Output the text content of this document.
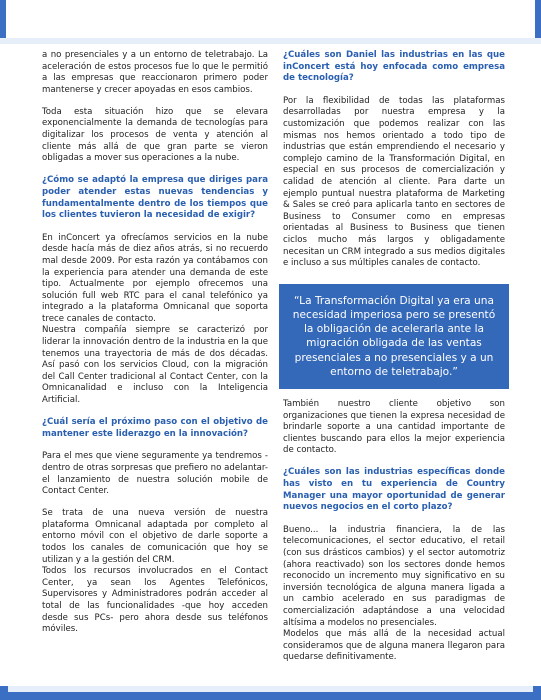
a no presenciales y a un entorno de teletrabajo. La aceleración de estos procesos fue lo que le permitió a las empresas que reaccionaron primero poder mantenerse y crecer apoyadas en esos cambios.

Toda esta situación hizo que se elevara exponencialmente la demanda de tecnologías para digitalizar los procesos de venta y atención al cliente más allá de que gran parte se vieron obligadas a mover sus operaciones a la nube.

¿Cómo se adaptó la empresa que diriges para poder atender estas nuevas tendencias y fundamentalmente dentro de los tiempos que los clientes tuvieron la necesidad de exigir?

En inConcert ya ofrecíamos servicios en la nube desde hacía más de diez años atrás, si no recuerdo mal desde 2009. Por esta razón ya contábamos con la experiencia para atender una demanda de este tipo. Actualmente por ejemplo ofrecemos una solución full web RTC para el canal telefónico ya integrado a la plataforma Omnicanal que soporta trece canales de contacto.

Nuestra compañía siempre se caracterizó por liderar la innovación dentro de la industria en la que tenemos una trayectoria de más de dos décadas. Así pasó con los servicios Cloud, con la migración del Call Center tradicional al Contact Center, con la Omnicanalidad e incluso con la Inteligencia Artificial.

¿Cuál sería el próximo paso con el objetivo de mantener este liderazgo en la innovación?

Para el mes que viene seguramente ya tendremos -dentro de otras sorpresas que prefiero no adelantar- el lanzamiento de nuestra solución mobile de Contact Center.

Se trata de una nueva versión de nuestra plataforma Omnicanal adaptada por completo al entorno móvil con el objetivo de darle soporte a todos los canales de comunicación que hoy se utilizan y a la gestión del CRM.

Todos los recursos involucrados en el Contact Center, ya sean los Agentes Telefónicos, Supervisores y Administradores podrán acceder al total de las funcionalidades -que hoy acceden desde sus PCs- pero ahora desde sus teléfonos móviles.

¿Cuáles son Daniel las industrias en las que inConcert está hoy enfocada como empresa de tecnología?

Por la flexibilidad de todas las plataformas desarrolladas por nuestra empresa y la customización que podemos realizar con las mismas nos hemos orientado a todo tipo de industrias que están emprendiendo el necesario y complejo camino de la Transformación Digital, en especial en sus procesos de comercialización y calidad de atención al cliente. Para darte un ejemplo puntual nuestra plataforma de Marketing & Sales se creó para aplicarla tanto en sectores de Business to Consumer como en empresas orientadas al Business to Business que tienen ciclos mucho más largos y obligadamente necesitan un CRM integrado a sus medios digitales e incluso a sus múltiples canales de contacto.

“La Transformación Digital ya era una necesidad imperiosa pero se presentó la obligación de acelerarla ante la migración obligada de las ventas presenciales a no presenciales y a un entorno de teletrabajo.”

También nuestro cliente objetivo son organizaciones que tienen la expresa necesidad de brindarle soporte a una cantidad importante de clientes buscando para ellos la mejor experiencia de contacto.

¿Cuáles son las industrias específicas donde has visto en tu experiencia de Country Manager una mayor oportunidad de generar nuevos negocios en el corto plazo?

Bueno... la industria financiera, la de las telecomunicaciones, el sector educativo, el retail (con sus drásticos cambios) y el sector automotriz (ahora reactivado) son los sectores donde hemos reconocido un incremento muy significativo en su inversión tecnológica de alguna manera ligada a un cambio acelerado en sus paradigmas de comercialización adaptándose a una velocidad altísima a modelos no presenciales.

Modelos que más allá de la necesidad actual consideramos que de alguna manera llegaron para quedarse definitivamente.
